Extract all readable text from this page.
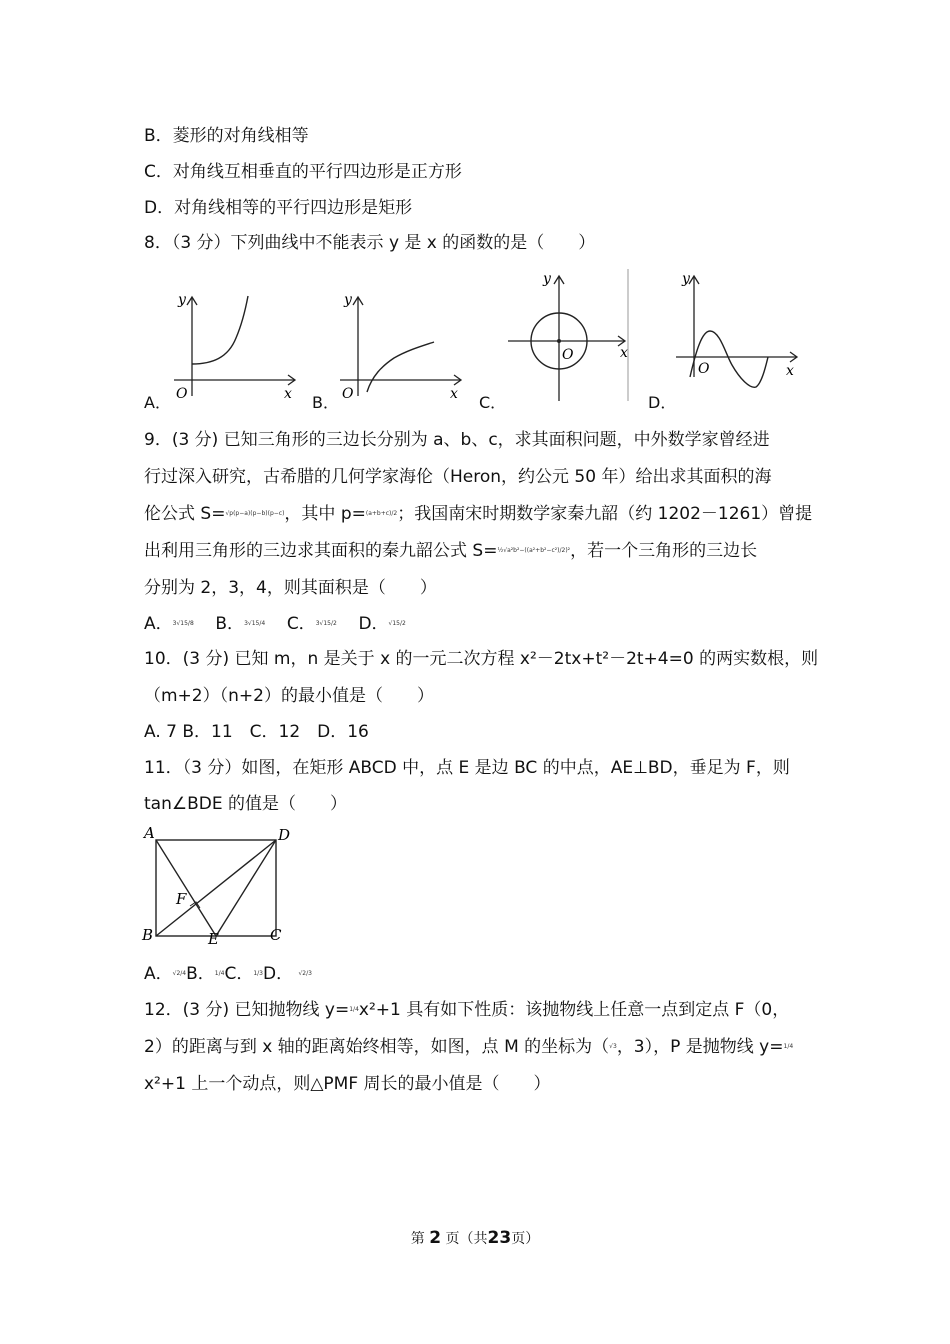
B．菱形的对角线相等
C．对角线互相垂直的平行四边形是正方形
D．对角线相等的平行四边形是矩形
8．（3 分）下列曲线中不能表示 y 是 x 的函数的是（　　）
A．
y
x
O	B．
y
x
O	C．
y
x
O
D．
y
x
O
9．(3 分) 已知三角形的三边长分别为 a、b、c，求其面积问题，中外数学家曾经进
行过深入研究，古希腊的几何学家海伦（Heron，约公元 50 年）给出求其面积的海
伦公式 S=√p(p−a)(p−b)(p−c)，其中 p=(a+b+c)/2；我国南宋时期数学家秦九韶（约 1202－1261）曾提
出利用三角形的三边求其面积的秦九韶公式 S=½√a²b²−((a²+b²−c²)/2)²，若一个三角形的三边长
分别为 2，3，4，则其面积是（　　）
A．3√15/8 B．3√15/4 C．3√15/2 D．√15/2
10．(3 分) 已知 m，n 是关于 x 的一元二次方程 x²－2tx+t²－2t+4=0 的两实数根，则
（m+2）（n+2）的最小值是（　　）
A. 7 B．11　C．12　D．16
11．（3 分）如图，在矩形 ABCD 中，点 E 是边 BC 的中点，AE⊥BD，垂足为 F，则
tan∠BDE 的值是（　　）
A	D
B	C
E
F
A．√2/4B．1/4C．1/3D． √2/3
12．(3 分) 已知抛物线 y=1/4x²+1 具有如下性质：该抛物线上任意一点到定点 F（0，
2）的距离与到 x 轴的距离始终相等，如图，点 M 的坐标为（√3，3），P 是抛物线 y=1/4
x²+1 上一个动点，则△PMF 周长的最小值是（　　）
第 2 页（共23页）
